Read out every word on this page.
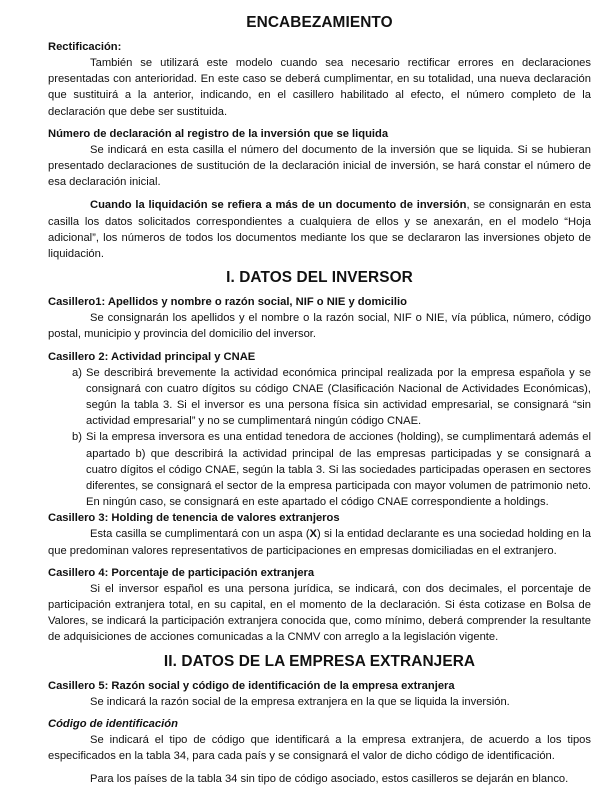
ENCABEZAMIENTO
Rectificación:

También se utilizará este modelo cuando sea necesario rectificar errores en declaraciones presentadas con anterioridad. En este caso se deberá cumplimentar, en su totalidad, una nueva declaración que sustituirá a la anterior, indicando, en el casillero habilitado al efecto, el número completo de la declaración que debe ser sustituida.

Número de declaración al registro de la inversión que se liquida

Se indicará en esta casilla el número del documento de la inversión que se liquida. Si se hubieran presentado declaraciones de sustitución de la declaración inicial de inversión, se hará constar el número de esa declaración inicial.

Cuando la liquidación se refiera a más de un documento de inversión, se consignarán en esta casilla los datos solicitados correspondientes a cualquiera de ellos y se anexarán, en el modelo “Hoja adicional”, los números de todos los documentos mediante los que se declararon las inversiones objeto de liquidación.

I. DATOS DEL INVERSOR
Casillero1: Apellidos y nombre o razón social, NIF o NIE y domicilio

Se consignarán los apellidos y el nombre o la razón social, NIF o NIE, vía pública, número, código postal, municipio y provincia del domicilio del inversor.

Casillero 2: Actividad principal y CNAE
a) Se describirá brevemente la actividad económica principal realizada por la empresa española y se consignará con cuatro dígitos su código CNAE (Clasificación Nacional de Actividades Económicas), según la tabla 3. Si el inversor es una persona física sin actividad empresarial, se consignará “sin actividad empresarial” y no se cumplimentará ningún código CNAE.
b) Si la empresa inversora es una entidad tenedora de acciones (holding), se cumplimentará además el apartado b) que describirá la actividad principal de las empresas participadas y se consignará a cuatro dígitos el código CNAE, según la tabla 3. Si las sociedades participadas operasen en sectores diferentes, se consignará el sector de la empresa participada con mayor volumen de patrimonio neto. En ningún caso, se consignará en este apartado el código CNAE correspondiente a holdings.
Casillero 3: Holding de tenencia de valores extranjeros

Esta casilla se cumplimentará con un aspa (X) si la entidad declarante es una sociedad holding en la que predominan valores representativos de participaciones en empresas domiciliadas en el extranjero.

Casillero 4: Porcentaje de participación extranjera

Si el inversor español es una persona jurídica, se indicará, con dos decimales, el porcentaje de participación extranjera total, en su capital, en el momento de la declaración. Si ésta cotizase en Bolsa de Valores, se indicará la participación extranjera conocida que, como mínimo, deberá comprender la resultante de adquisiciones de acciones comunicadas a la CNMV con arreglo a la legislación vigente.

II. DATOS DE LA EMPRESA EXTRANJERA
Casillero 5: Razón social y código de identificación de la empresa extranjera

Se indicará la razón social de la empresa extranjera en la que se liquida la inversión.

Código de identificación

Se indicará el tipo de código que identificará a la empresa extranjera, de acuerdo a los tipos especificados en la tabla 34, para cada país y se consignará el valor de dicho código de identificación.

Para los países de la tabla 34 sin tipo de código asociado, estos casilleros se dejarán en blanco.
